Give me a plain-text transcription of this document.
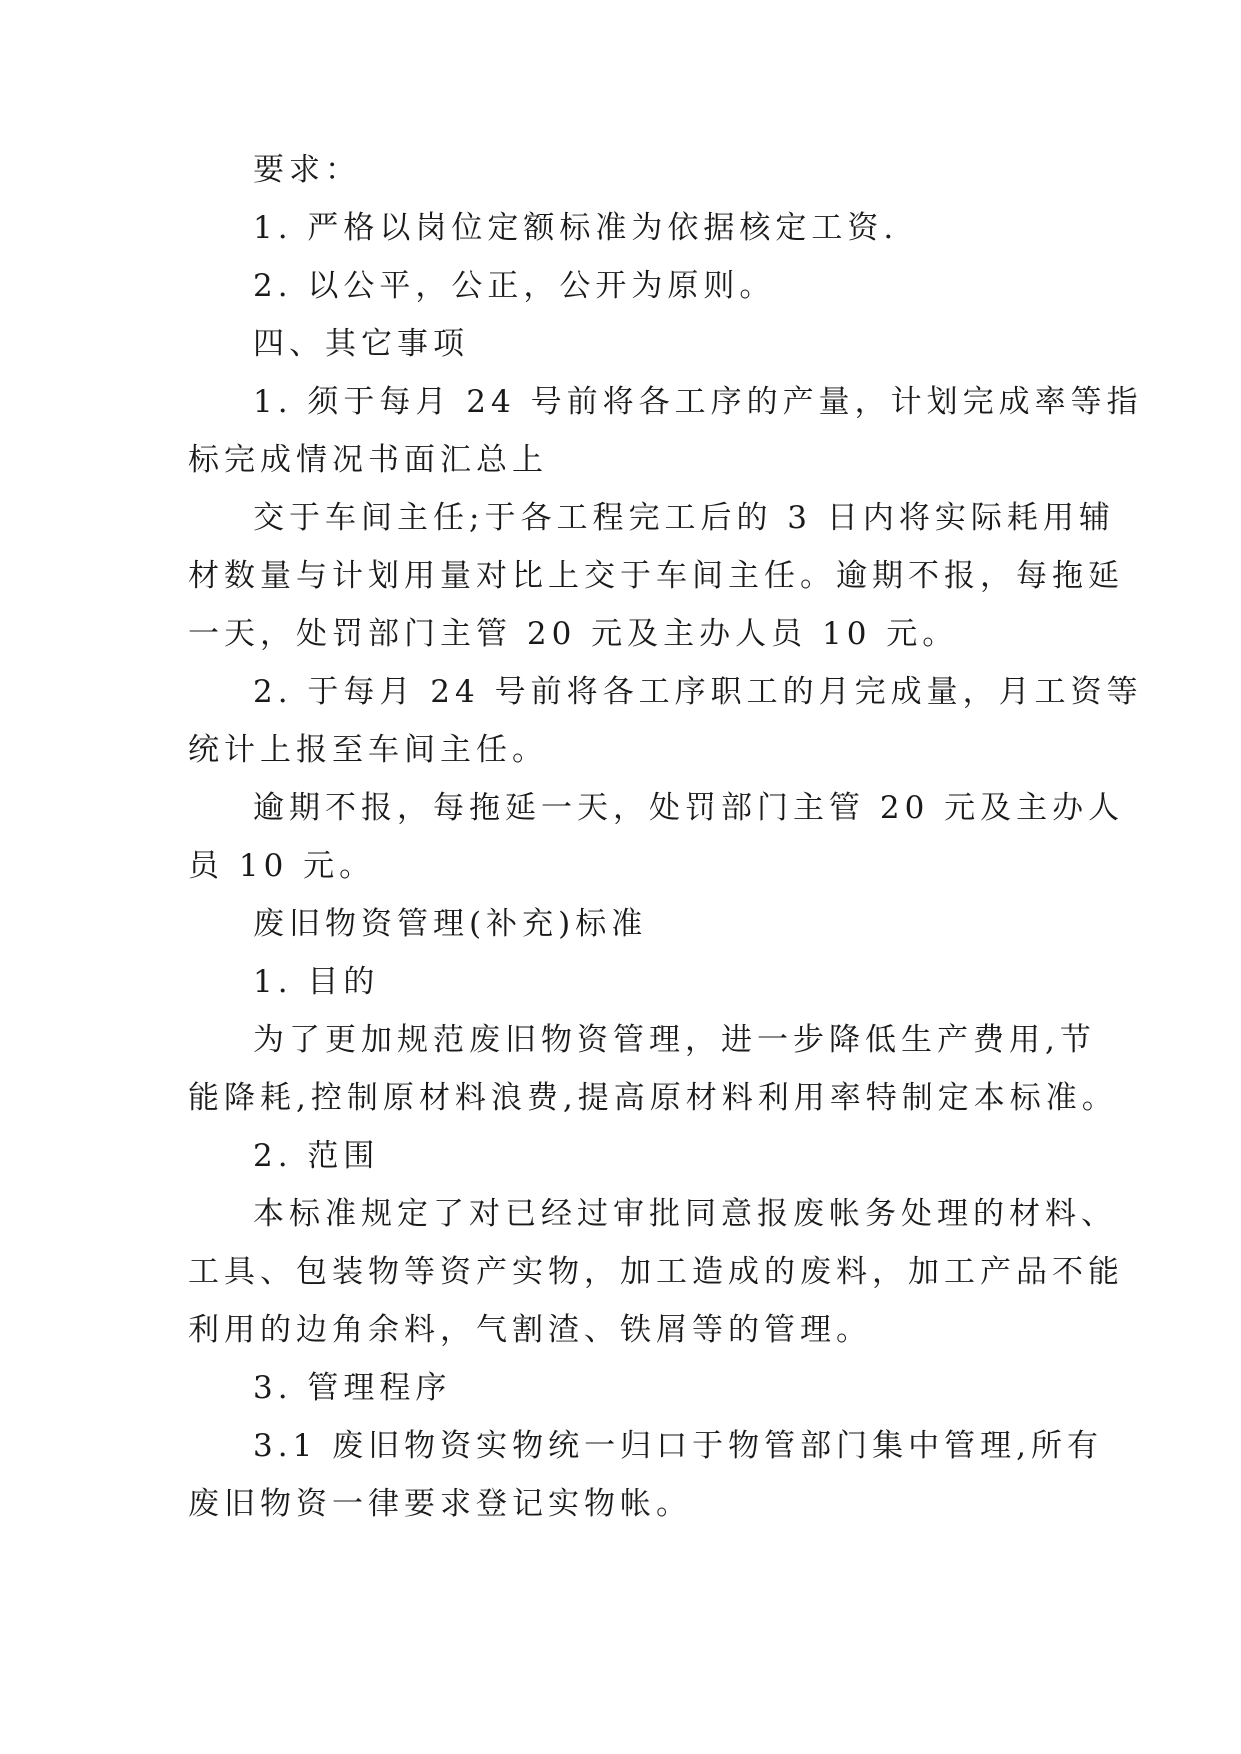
要求：
1. 严格以岗位定额标准为依据核定工资.
2. 以公平，公正，公开为原则。
四、其它事项
1. 须于每月 24 号前将各工序的产量，计划完成率等指
标完成情况书面汇总上
交于车间主任;于各工程完工后的 3 日内将实际耗用辅
材数量与计划用量对比上交于车间主任。逾期不报，每拖延
一天，处罚部门主管 20 元及主办人员 10 元。
2. 于每月 24 号前将各工序职工的月完成量，月工资等
统计上报至车间主任。
逾期不报，每拖延一天，处罚部门主管 20 元及主办人
员 10 元。
废旧物资管理(补充)标准
1. 目的
为了更加规范废旧物资管理，进一步降低生产费用,节
能降耗,控制原材料浪费,提高原材料利用率特制定本标准。
2. 范围
本标准规定了对已经过审批同意报废帐务处理的材料、
工具、包装物等资产实物，加工造成的废料，加工产品不能
利用的边角余料，气割渣、铁屑等的管理。
3. 管理程序
3.1 废旧物资实物统一归口于物管部门集中管理,所有
废旧物资一律要求登记实物帐。
